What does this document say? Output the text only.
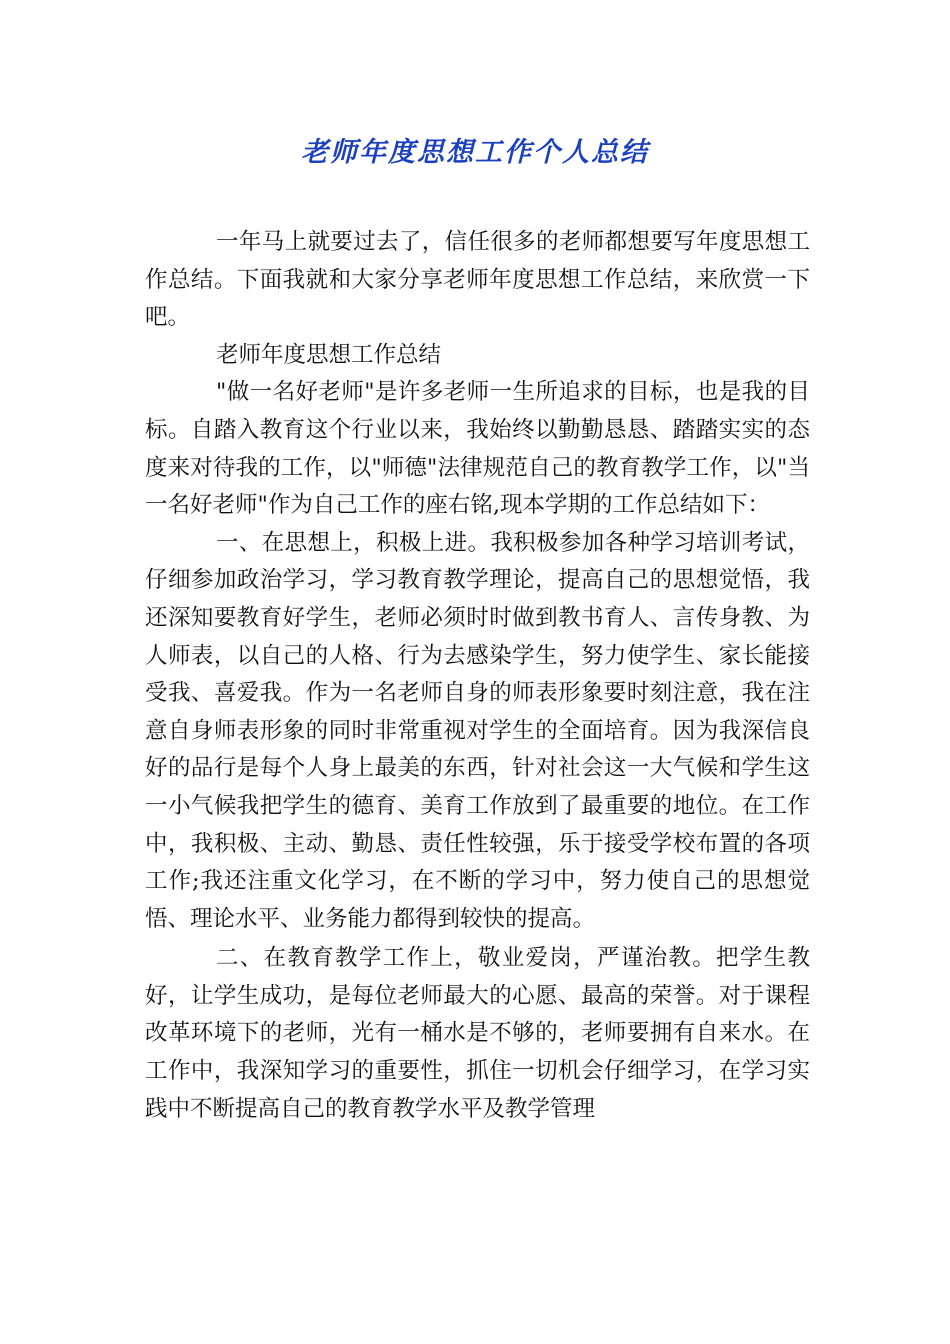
老师年度思想工作个人总结

一年马上就要过去了，信任很多的老师都想要写年度思想工作总结。下面我就和大家分享老师年度思想工作总结，来欣赏一下吧。

老师年度思想工作总结

"做一名好老师"是许多老师一生所追求的目标，也是我的目标。自踏入教育这个行业以来，我始终以勤勤恳恳、踏踏实实的态度来对待我的工作，以"师德"法律规范自己的教育教学工作，以"当一名好老师"作为自己工作的座右铭,现本学期的工作总结如下：

一、在思想上，积极上进。我积极参加各种学习培训考试，仔细参加政治学习，学习教育教学理论，提高自己的思想觉悟，我还深知要教育好学生，老师必须时时做到教书育人、言传身教、为人师表，以自己的人格、行为去感染学生，努力使学生、家长能接受我、喜爱我。作为一名老师自身的师表形象要时刻注意，我在注意自身师表形象的同时非常重视对学生的全面培育。因为我深信良好的品行是每个人身上最美的东西，针对社会这一大气候和学生这一小气候我把学生的德育、美育工作放到了最重要的地位。在工作中，我积极、主动、勤恳、责任性较强，乐于接受学校布置的各项工作;我还注重文化学习，在不断的学习中，努力使自己的思想觉悟、理论水平、业务能力都得到较快的提高。

二、在教育教学工作上，敬业爱岗，严谨治教。把学生教好，让学生成功，是每位老师最大的心愿、最高的荣誉。对于课程改革环境下的老师，光有一桶水是不够的，老师要拥有自来水。在工作中，我深知学习的重要性，抓住一切机会仔细学习，在学习实践中不断提高自己的教育教学水平及教学管理
